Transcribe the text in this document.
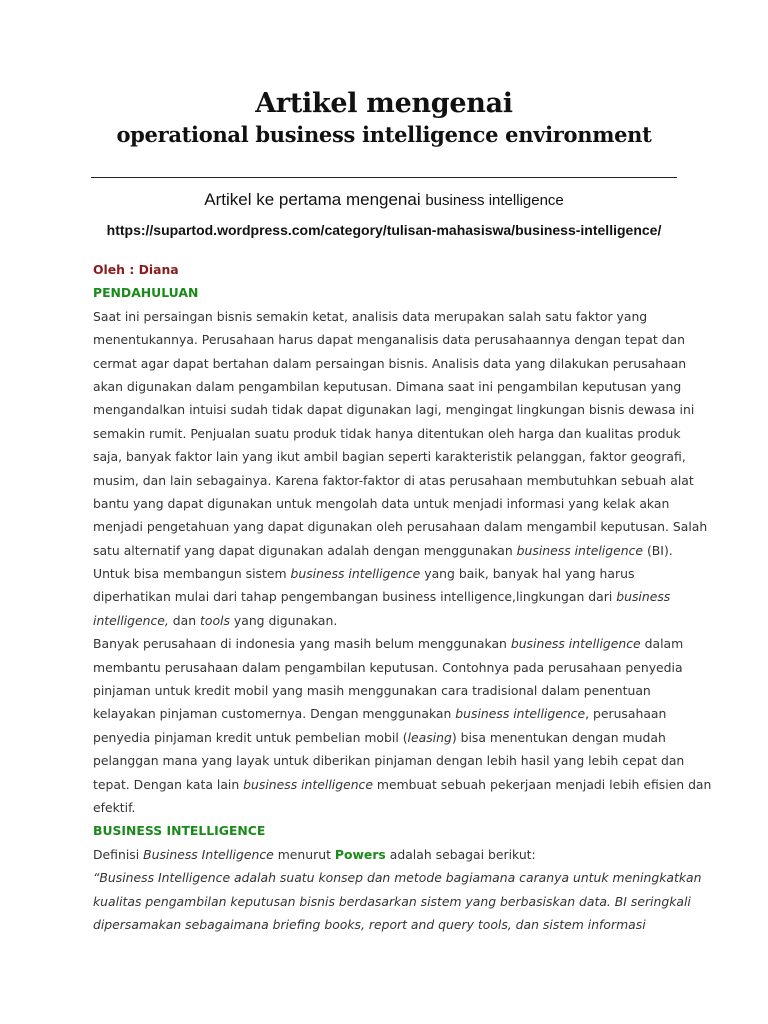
Artikel mengenai
operational business intelligence environment
Artikel ke pertama mengenai business intelligence
https://supartod.wordpress.com/category/tulisan-mahasiswa/business-intelligence/
Oleh : Diana
PENDAHULUAN
Saat ini persaingan bisnis semakin ketat, analisis data merupakan salah satu faktor yang
menentukannya. Perusahaan harus dapat menganalisis data perusahaannya dengan tepat dan
cermat agar dapat bertahan dalam persaingan bisnis. Analisis data yang dilakukan perusahaan
akan digunakan dalam pengambilan keputusan. Dimana saat ini pengambilan keputusan yang
mengandalkan intuisi sudah tidak dapat digunakan lagi, mengingat lingkungan bisnis dewasa ini
semakin rumit. Penjualan suatu produk tidak hanya ditentukan oleh harga dan kualitas produk
saja, banyak faktor lain yang ikut ambil bagian seperti karakteristik pelanggan, faktor geografi,
musim, dan lain sebagainya. Karena faktor-faktor di atas perusahaan membutuhkan sebuah alat
bantu yang dapat digunakan untuk mengolah data untuk menjadi informasi yang kelak akan
menjadi pengetahuan yang dapat digunakan oleh perusahaan dalam mengambil keputusan. Salah
satu alternatif yang dapat digunakan adalah dengan menggunakan business inteligence (BI).
Untuk bisa membangun sistem business intelligence yang baik, banyak hal yang harus
diperhatikan mulai dari tahap pengembangan business intelligence,lingkungan dari business
intelligence, dan tools yang digunakan.
Banyak perusahaan di indonesia yang masih belum menggunakan business intelligence dalam
membantu perusahaan dalam pengambilan keputusan. Contohnya pada perusahaan penyedia
pinjaman untuk kredit mobil yang masih menggunakan cara tradisional dalam penentuan
kelayakan pinjaman customernya. Dengan menggunakan business intelligence, perusahaan
penyedia pinjaman kredit untuk pembelian mobil (leasing) bisa menentukan dengan mudah
pelanggan mana yang layak untuk diberikan pinjaman dengan lebih hasil yang lebih cepat dan
tepat. Dengan kata lain business intelligence membuat sebuah pekerjaan menjadi lebih efisien dan
efektif.
BUSINESS INTELLIGENCE
Definisi Business Intelligence menurut Powers adalah sebagai berikut:
“Business Intelligence adalah suatu konsep dan metode bagiamana caranya untuk meningkatkan
kualitas pengambilan keputusan bisnis berdasarkan sistem yang berbasiskan data. BI seringkali
dipersamakan sebagaimana briefing books, report and query tools, dan sistem informasi
